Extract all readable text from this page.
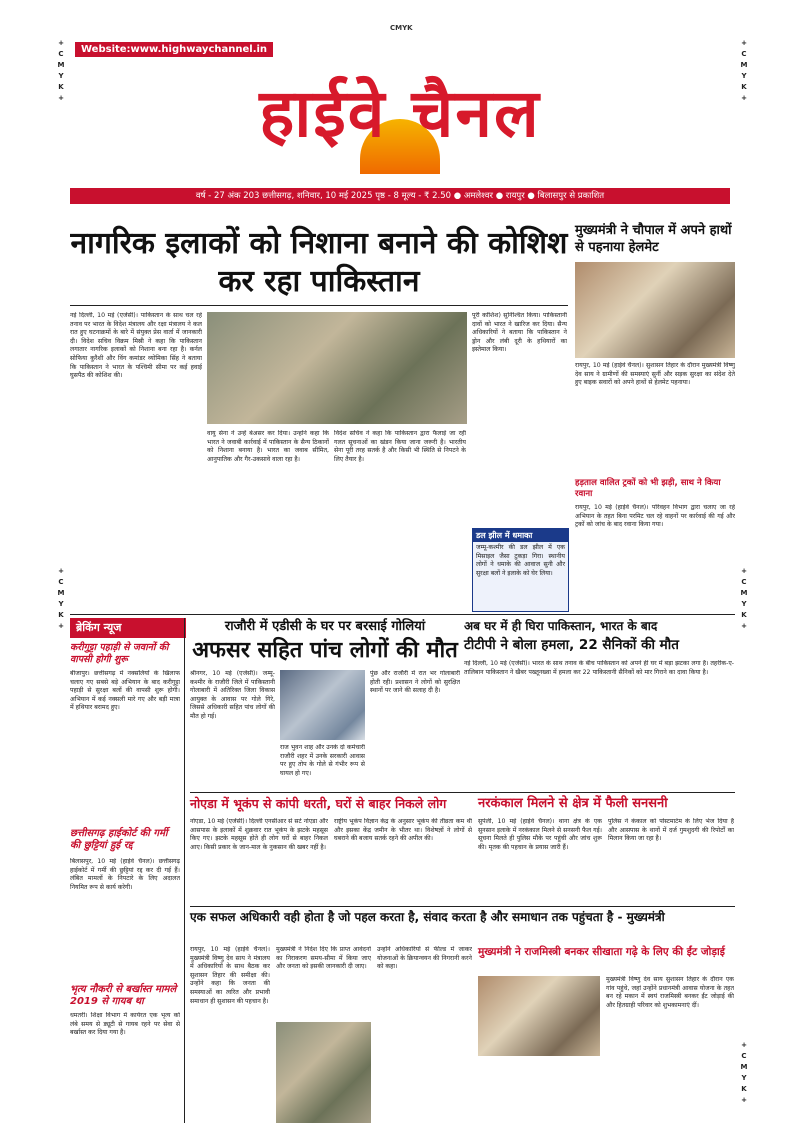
CMYK
+
C
M
Y
K
+
+
C
M
Y
K
+
+
C
M
Y
K
+
+
C
M
Y
K
+
+
C
M
Y
K
+
Website:www.highwaychannel.in
हाईवे चैनल
वर्ष - 27 अंक 203 छत्तीसगढ़, शनिवार, 10 मई 2025 पृष्ठ - 8 मूल्य - ₹ 2.50 ● अमलेश्वर ● रायपुर ● बिलासपुर से प्रकाशित
नागरिक इलाकों को निशाना बनाने की कोशिश कर रहा पाकिस्तान
नई दिल्ली, 10 मई (एजेंसी)। पाकिस्तान के साथ चल रहे तनाव पर भारत के विदेश मंत्रालय और रक्षा मंत्रालय ने कल रात हुए घटनाक्रमों के बारे में संयुक्त प्रेस वार्ता में जानकारी दी। विदेश सचिव विक्रम मिस्री ने कहा कि पाकिस्तान लगातार नागरिक इलाकों को निशाना बना रहा है। कर्नल सोफिया कुरैशी और विंग कमांडर व्योमिका सिंह ने बताया कि पाकिस्तान ने भारत के पश्चिमी सीमा पर कई हवाई घुसपैठ की कोशिश की।
वायु सेना ने उन्हें बेअसर कर दिया। उन्होंने कहा कि भारत ने जवाबी कार्रवाई में पाकिस्तान के सैन्य ठिकानों को निशाना बनाया है। भारत का जवाब सीमित, आनुपातिक और गैर-उकसावे वाला रहा है।
विदेश सचिव ने कहा कि पाकिस्तान द्वारा फैलाई जा रही गलत सूचनाओं का खंडन किया जाना जरूरी है। भारतीय सेना पूरी तरह सतर्क है और किसी भी स्थिति से निपटने के लिए तैयार है।
पूरी कोशिश) सुनिश्चित किया। पाकिस्तानी दावों को भारत ने खारिज कर दिया। सैन्य अधिकारियों ने बताया कि पाकिस्तान ने ड्रोन और लंबी दूरी के हथियारों का इस्तेमाल किया।
डल झील में धमाका
जम्मू-कश्मीर की डल झील में एक मिसाइल जैसा टुकड़ा गिरा। स्थानीय लोगों ने धमाके की आवाज सुनी और सुरक्षा बलों ने इलाके को घेर लिया।
मुख्यमंत्री ने चौपाल में अपने हाथों से पहनाया हेलमेट
रायपुर, 10 मई (हाईवे चैनल)। सुशासन तिहार के दौरान मुख्यमंत्री विष्णु देव साय ने ग्रामीणों की समस्याएं सुनीं और सड़क सुरक्षा का संदेश देते हुए बाइक सवारों को अपने हाथों से हेलमेट पहनाया।
हड़ताल वालित ट्रकों को भी झड़ी, साथ ने किया रवाना
रायपुर, 10 मई (हाईवे चैनल)। परिवहन विभाग द्वारा चलाए जा रहे अभियान के तहत बिना परमिट चल रहे वाहनों पर कार्रवाई की गई और ट्रकों को जांच के बाद रवाना किया गया।
ब्रेकिंग न्यूज
करीगुट्टा पहाड़ी से जवानों की वापसी होगी शुरू
बीजापुर। छत्तीसगढ़ में नक्सलियों के खिलाफ चलाए गए सबसे बड़े अभियान के बाद करीगुट्टा पहाड़ी से सुरक्षा बलों की वापसी शुरू होगी। अभियान में कई नक्सली मारे गए और बड़ी मात्रा में हथियार बरामद हुए।
छत्तीसगढ़ हाईकोर्ट की गर्मी की छुट्टियां हुई रद्द
बिलासपुर, 10 मई (हाईवे चैनल)। छत्तीसगढ़ हाईकोर्ट में गर्मी की छुट्टियां रद्द कर दी गई हैं। लंबित मामलों के निपटारे के लिए अदालत नियमित रूप से कार्य करेगी।
भृत्य नौकरी से बर्खास्त मामले 2019 से गायब था
धमतरी। शिक्षा विभाग में कार्यरत एक भृत्य को लंबे समय से ड्यूटी से गायब रहने पर सेवा से बर्खास्त कर दिया गया है।
राजौरी में एडीसी के घर पर बरसाई गोलियां
अफसर सहित पांच लोगों की मौत
श्रीनगर, 10 मई (एजेंसी)। जम्मू-कश्मीर के राजौरी जिले में पाकिस्तानी गोलाबारी में अतिरिक्त जिला विकास आयुक्त के आवास पर गोले गिरे, जिससे अधिकारी सहित पांच लोगों की मौत हो गई।
राज भुवन शाह और उनके दो कर्मचारी राजौरी शहर में उनके सरकारी आवास पर हुए तोप के गोले से गंभीर रूप से घायल हो गए।
पुंछ और राजौरी में रात भर गोलाबारी होती रही। प्रशासन ने लोगों को सुरक्षित स्थानों पर जाने की सलाह दी है।
अब घर में ही घिरा पाकिस्तान, भारत के बाद
टीटीपी ने बोला हमला, 22 सैनिकों की मौत
नई दिल्ली, 10 मई (एजेंसी)। भारत के साथ तनाव के बीच पाकिस्तान को अपने ही घर में बड़ा झटका लगा है। तहरीक-ए-तालिबान पाकिस्तान ने खैबर पख्तूनख्वा में हमला कर 22 पाकिस्तानी सैनिकों को मार गिराने का दावा किया है।
नोएडा में भूकंप से कांपी धरती, घरों से बाहर निकले लोग
नोएडा, 10 मई (एजेंसी)। दिल्ली एनसीआर से सटे नोएडा और आसपास के इलाकों में शुक्रवार रात भूकंप के झटके महसूस किए गए। झटके महसूस होते ही लोग घरों से बाहर निकल आए। किसी प्रकार के जान-माल के नुकसान की खबर नहीं है।
राष्ट्रीय भूकंप विज्ञान केंद्र के अनुसार भूकंप की तीव्रता कम थी और इसका केंद्र जमीन के भीतर था। विशेषज्ञों ने लोगों से घबराने की बजाय सतर्क रहने की अपील की।
नरकंकाल मिलने से क्षेत्र में फैली सनसनी
सुपेली, 10 मई (हाईवे चैनल)। थाना क्षेत्र के एक सुनसान इलाके में नरकंकाल मिलने से सनसनी फैल गई। सूचना मिलते ही पुलिस मौके पर पहुंची और जांच शुरू की। मृतक की पहचान के प्रयास जारी हैं।
पुलिस ने कंकाल को पोस्टमार्टम के लिए भेज दिया है और आसपास के थानों में दर्ज गुमशुदगी की रिपोर्टों का मिलान किया जा रहा है।
एक सफल अधिकारी वही होता है जो पहल करता है, संवाद करता है और समाधान तक पहुंचता है - मुख्यमंत्री
रायपुर, 10 मई (हाईवे चैनल)। मुख्यमंत्री विष्णु देव साय ने मंत्रालय में अधिकारियों के साथ बैठक कर सुशासन तिहार की समीक्षा की। उन्होंने कहा कि जनता की समस्याओं का त्वरित और प्रभावी समाधान ही सुशासन की पहचान है।
मुख्यमंत्री ने निर्देश दिए कि प्राप्त आवेदनों का निराकरण समय-सीमा में किया जाए और जनता को इसकी जानकारी दी जाए।
उन्होंने अधिकारियों से फील्ड में जाकर योजनाओं के क्रियान्वयन की निगरानी करने को कहा।
मुख्यमंत्री ने राजमिस्त्री बनकर सीखाता गढ़े के लिए की ईंट जोड़ाई
मुख्यमंत्री विष्णु देव साय सुशासन तिहार के दौरान एक गांव पहुंचे, जहां उन्होंने प्रधानमंत्री आवास योजना के तहत बन रहे मकान में स्वयं राजमिस्त्री बनकर ईंट जोड़ाई की और हितग्राही परिवार को शुभकामनाएं दीं।
